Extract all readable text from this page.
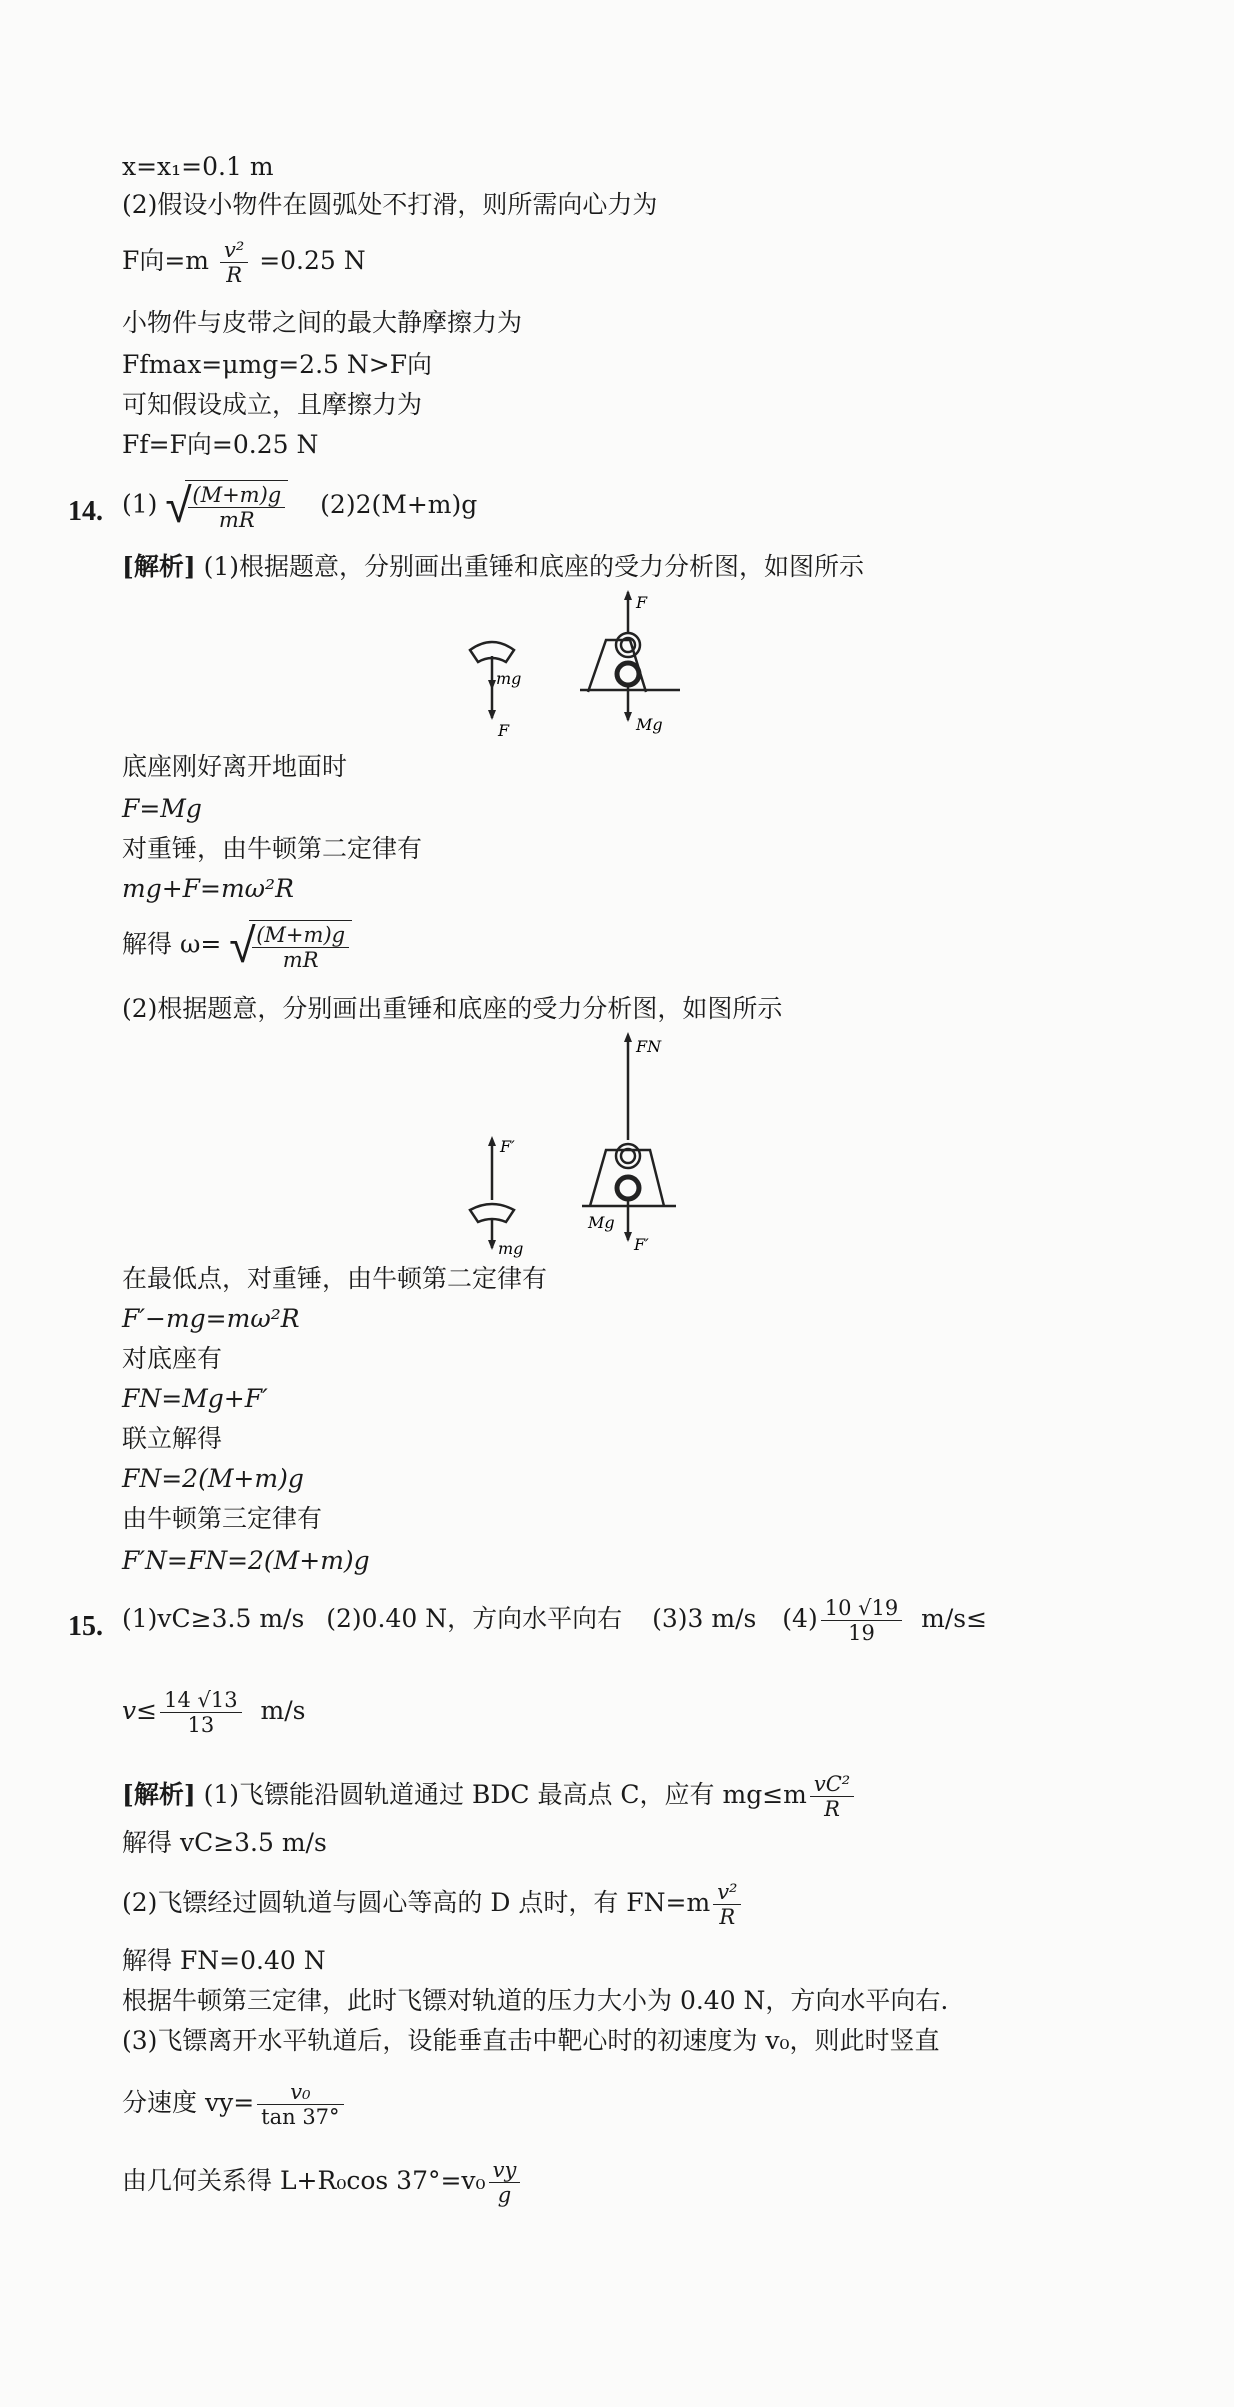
x=x₁=0.1 m
(2)假设小物件在圆弧处不打滑，则所需向心力为
F向$=m \frac{\text{v²}}{R} =0.25$ N
小物件与皮带之间的最大静摩擦力为
Ffmax=μmg=2.5 N>F向
可知假设成立，且摩擦力为
Ff=F向=0.25 N
14. (1) √
$\frac{(M+m)g}{mR} (2)2(M+m)g$
[解析] (1)根据题意，分别画出重锤和底座的受力分析图，如图所示
F
mg
F	Mg
底座刚好离开地面时
F=Mg
对重锤，由牛顿第二定律有
mg+F=mω²R
解得 ω= √
$\frac{(M+m)g}{mR}$
(2)根据题意，分别画出重锤和底座的受力分析图，如图所示
FN
F′
mg
Mg
F′
在最低点，对重锤，由牛顿第二定律有
F′−mg=mω²R
对底座有
FN=Mg+F′
联立解得
FN=2(M+m)g
由牛顿第三定律有
F′N=FN=2(M+m)g
15. (1)vC≥3.5 m/s (2)0.40 N，方向水平向右 (3)3 m/s $(4) \frac{10 √19}{19} m/s\le$
$v\le \frac{14 √13}{13} m/s$
[解析] (1)飞镖能沿圆轨道通过 BDC 最高点 C，应有 $mg\le m \frac{\text{vC²}}{R}$
解得 vC≥3.5 m/s
(2)飞镖经过圆轨道与圆心等高的 D 点时，有 $FN=m \frac{\text{v²}}{R}$
解得 FN=0.40 N
根据牛顿第三定律，此时飞镖对轨道的压力大小为 0.40 N，方向水平向右.
(3)飞镖离开水平轨道后，设能垂直击中靶心时的初速度为 v₀，则此时竖直
分速度 $vy= \frac{\text{v₀}}{\tan 37^\circ}$
由几何关系得 L+R₀cos $37^\circ=v_0 \frac{vy}{g}$
